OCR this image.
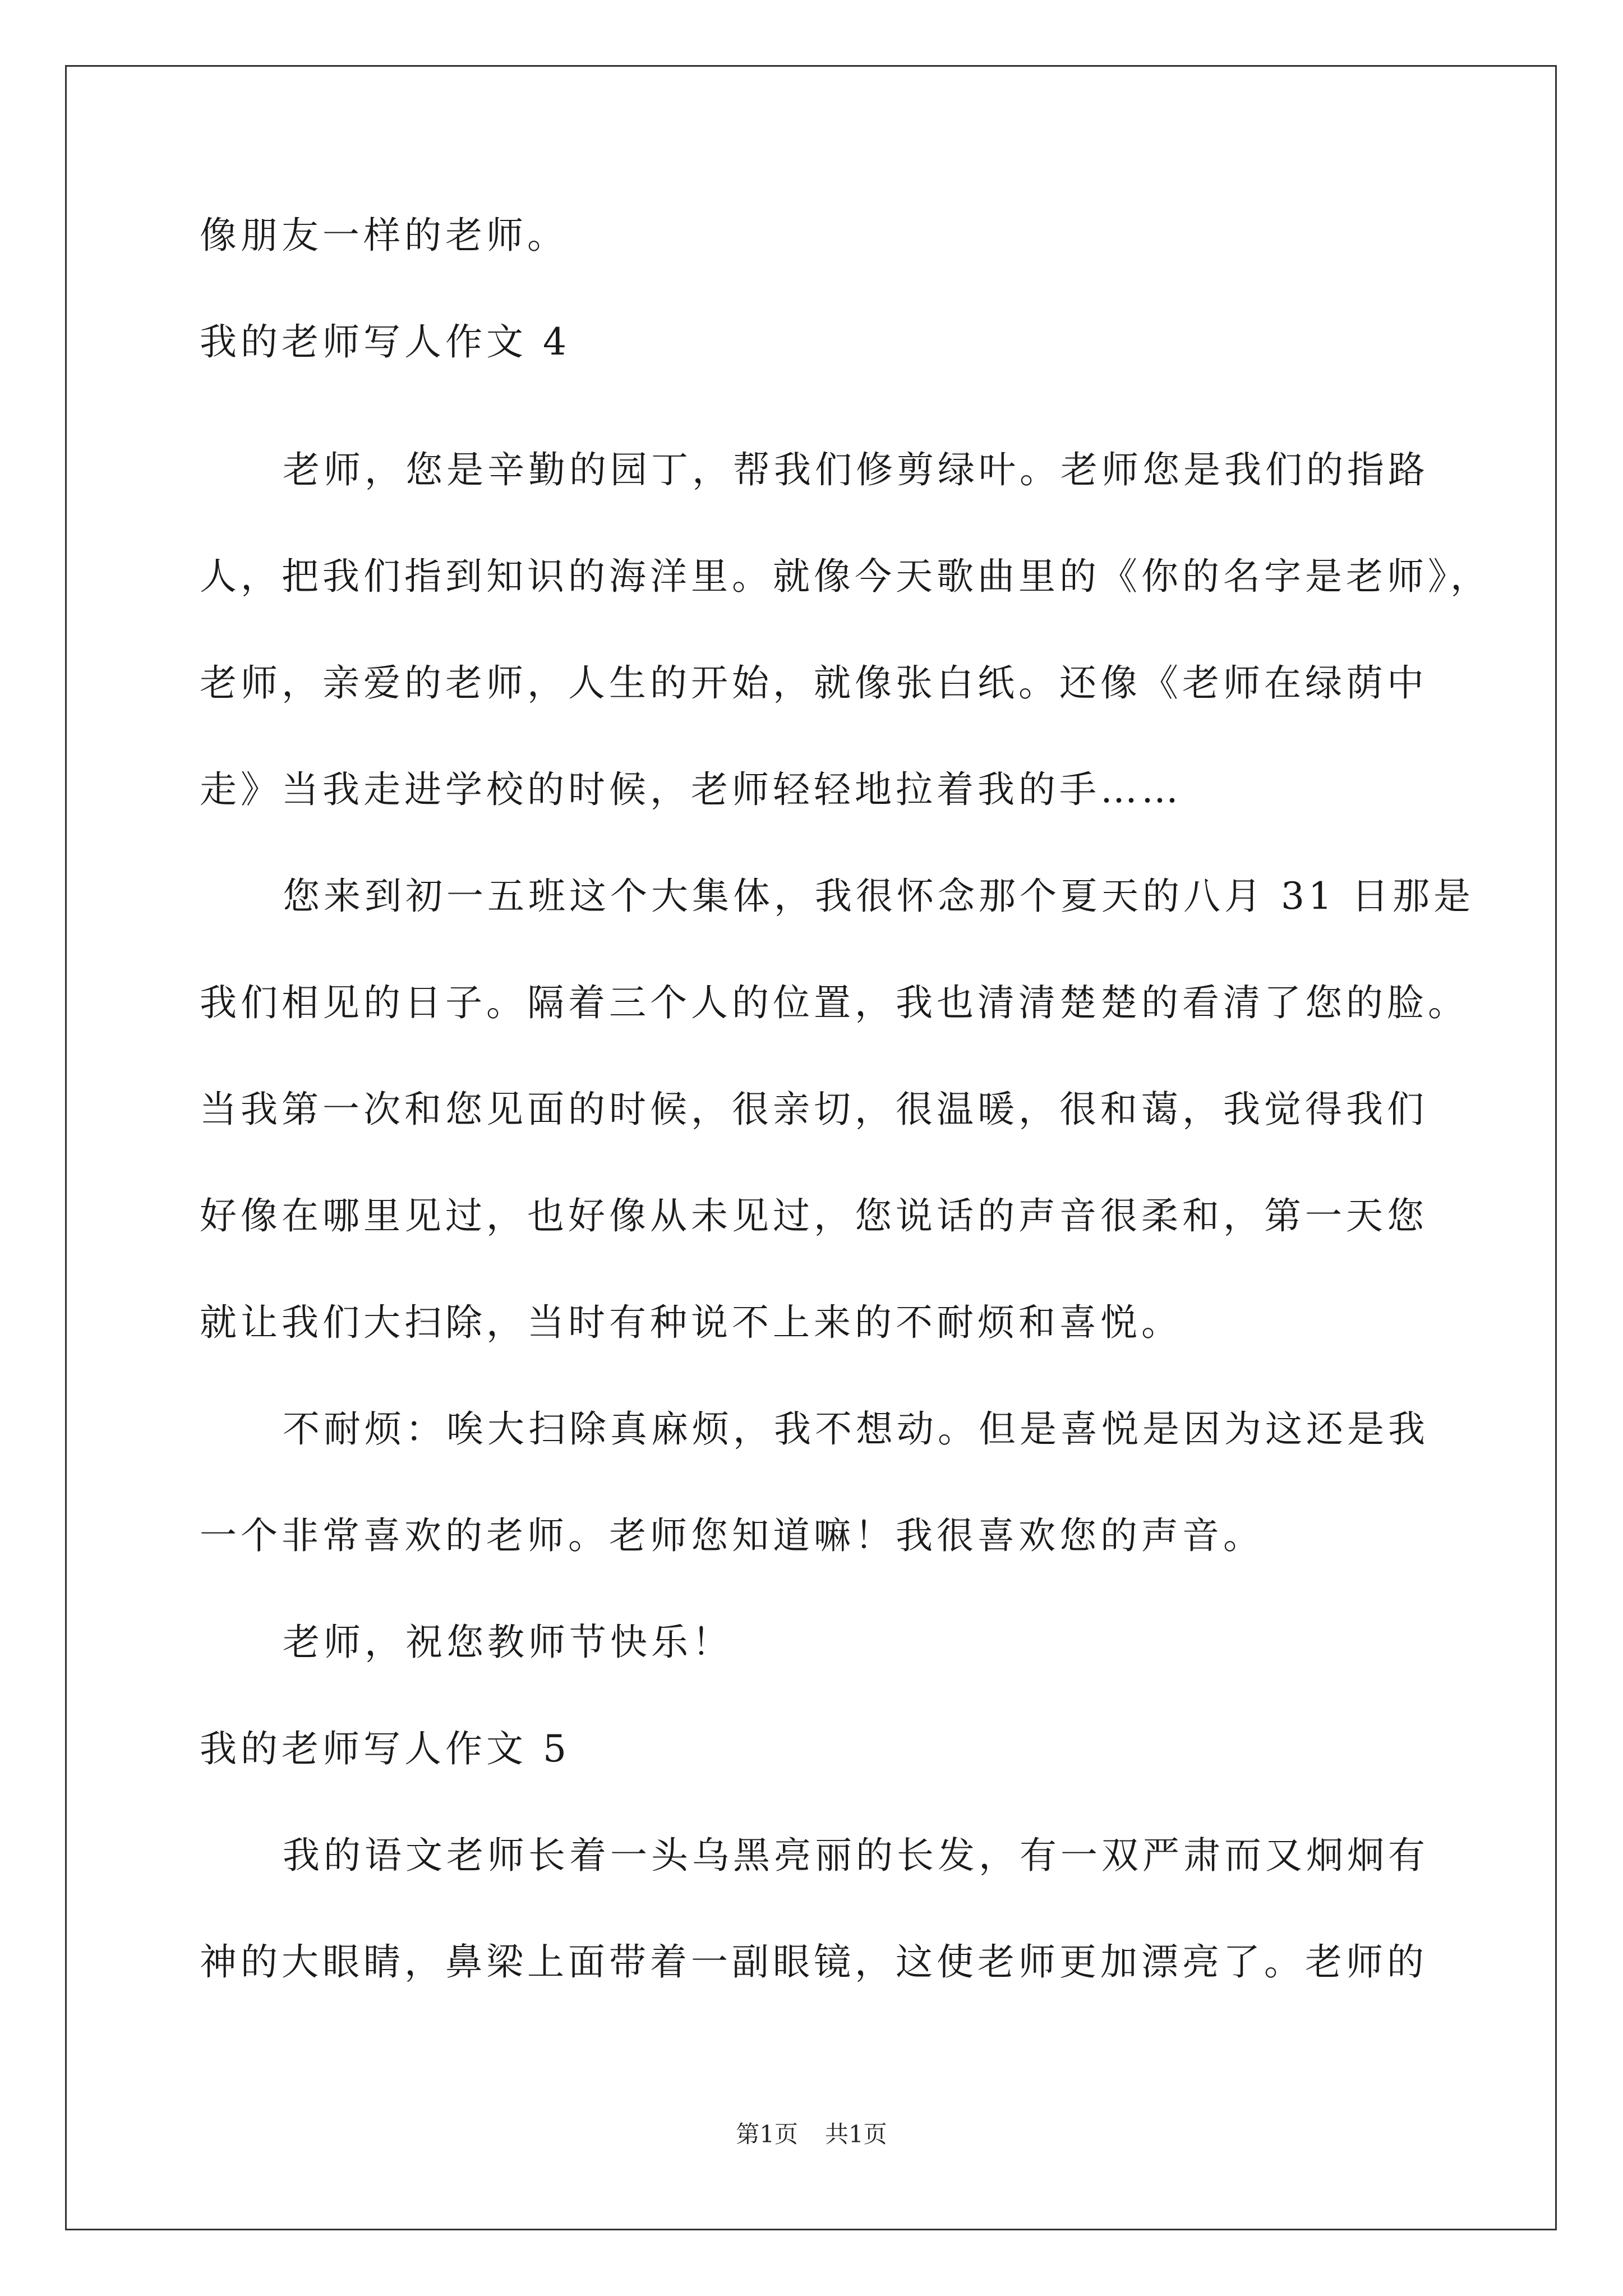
像朋友一样的老师。
我的老师写人作文 4
老师，您是辛勤的园丁，帮我们修剪绿叶。老师您是我们的指路
人，把我们指到知识的海洋里。就像今天歌曲里的《你的名字是老师》，
老师，亲爱的老师，人生的开始，就像张白纸。还像《老师在绿荫中
走》当我走进学校的时候，老师轻轻地拉着我的手……
您来到初一五班这个大集体，我很怀念那个夏天的八月 31 日那是
我们相见的日子。隔着三个人的位置，我也清清楚楚的看清了您的脸。
当我第一次和您见面的时候，很亲切，很温暖，很和蔼，我觉得我们
好像在哪里见过，也好像从未见过，您说话的声音很柔和，第一天您
就让我们大扫除，当时有种说不上来的不耐烦和喜悦。
不耐烦：唉大扫除真麻烦，我不想动。但是喜悦是因为这还是我
一个非常喜欢的老师。老师您知道嘛！我很喜欢您的声音。
老师，祝您教师节快乐！
我的老师写人作文 5
我的语文老师长着一头乌黑亮丽的长发，有一双严肃而又炯炯有
神的大眼睛，鼻梁上面带着一副眼镜，这使老师更加漂亮了。老师的
第1页 共1页
